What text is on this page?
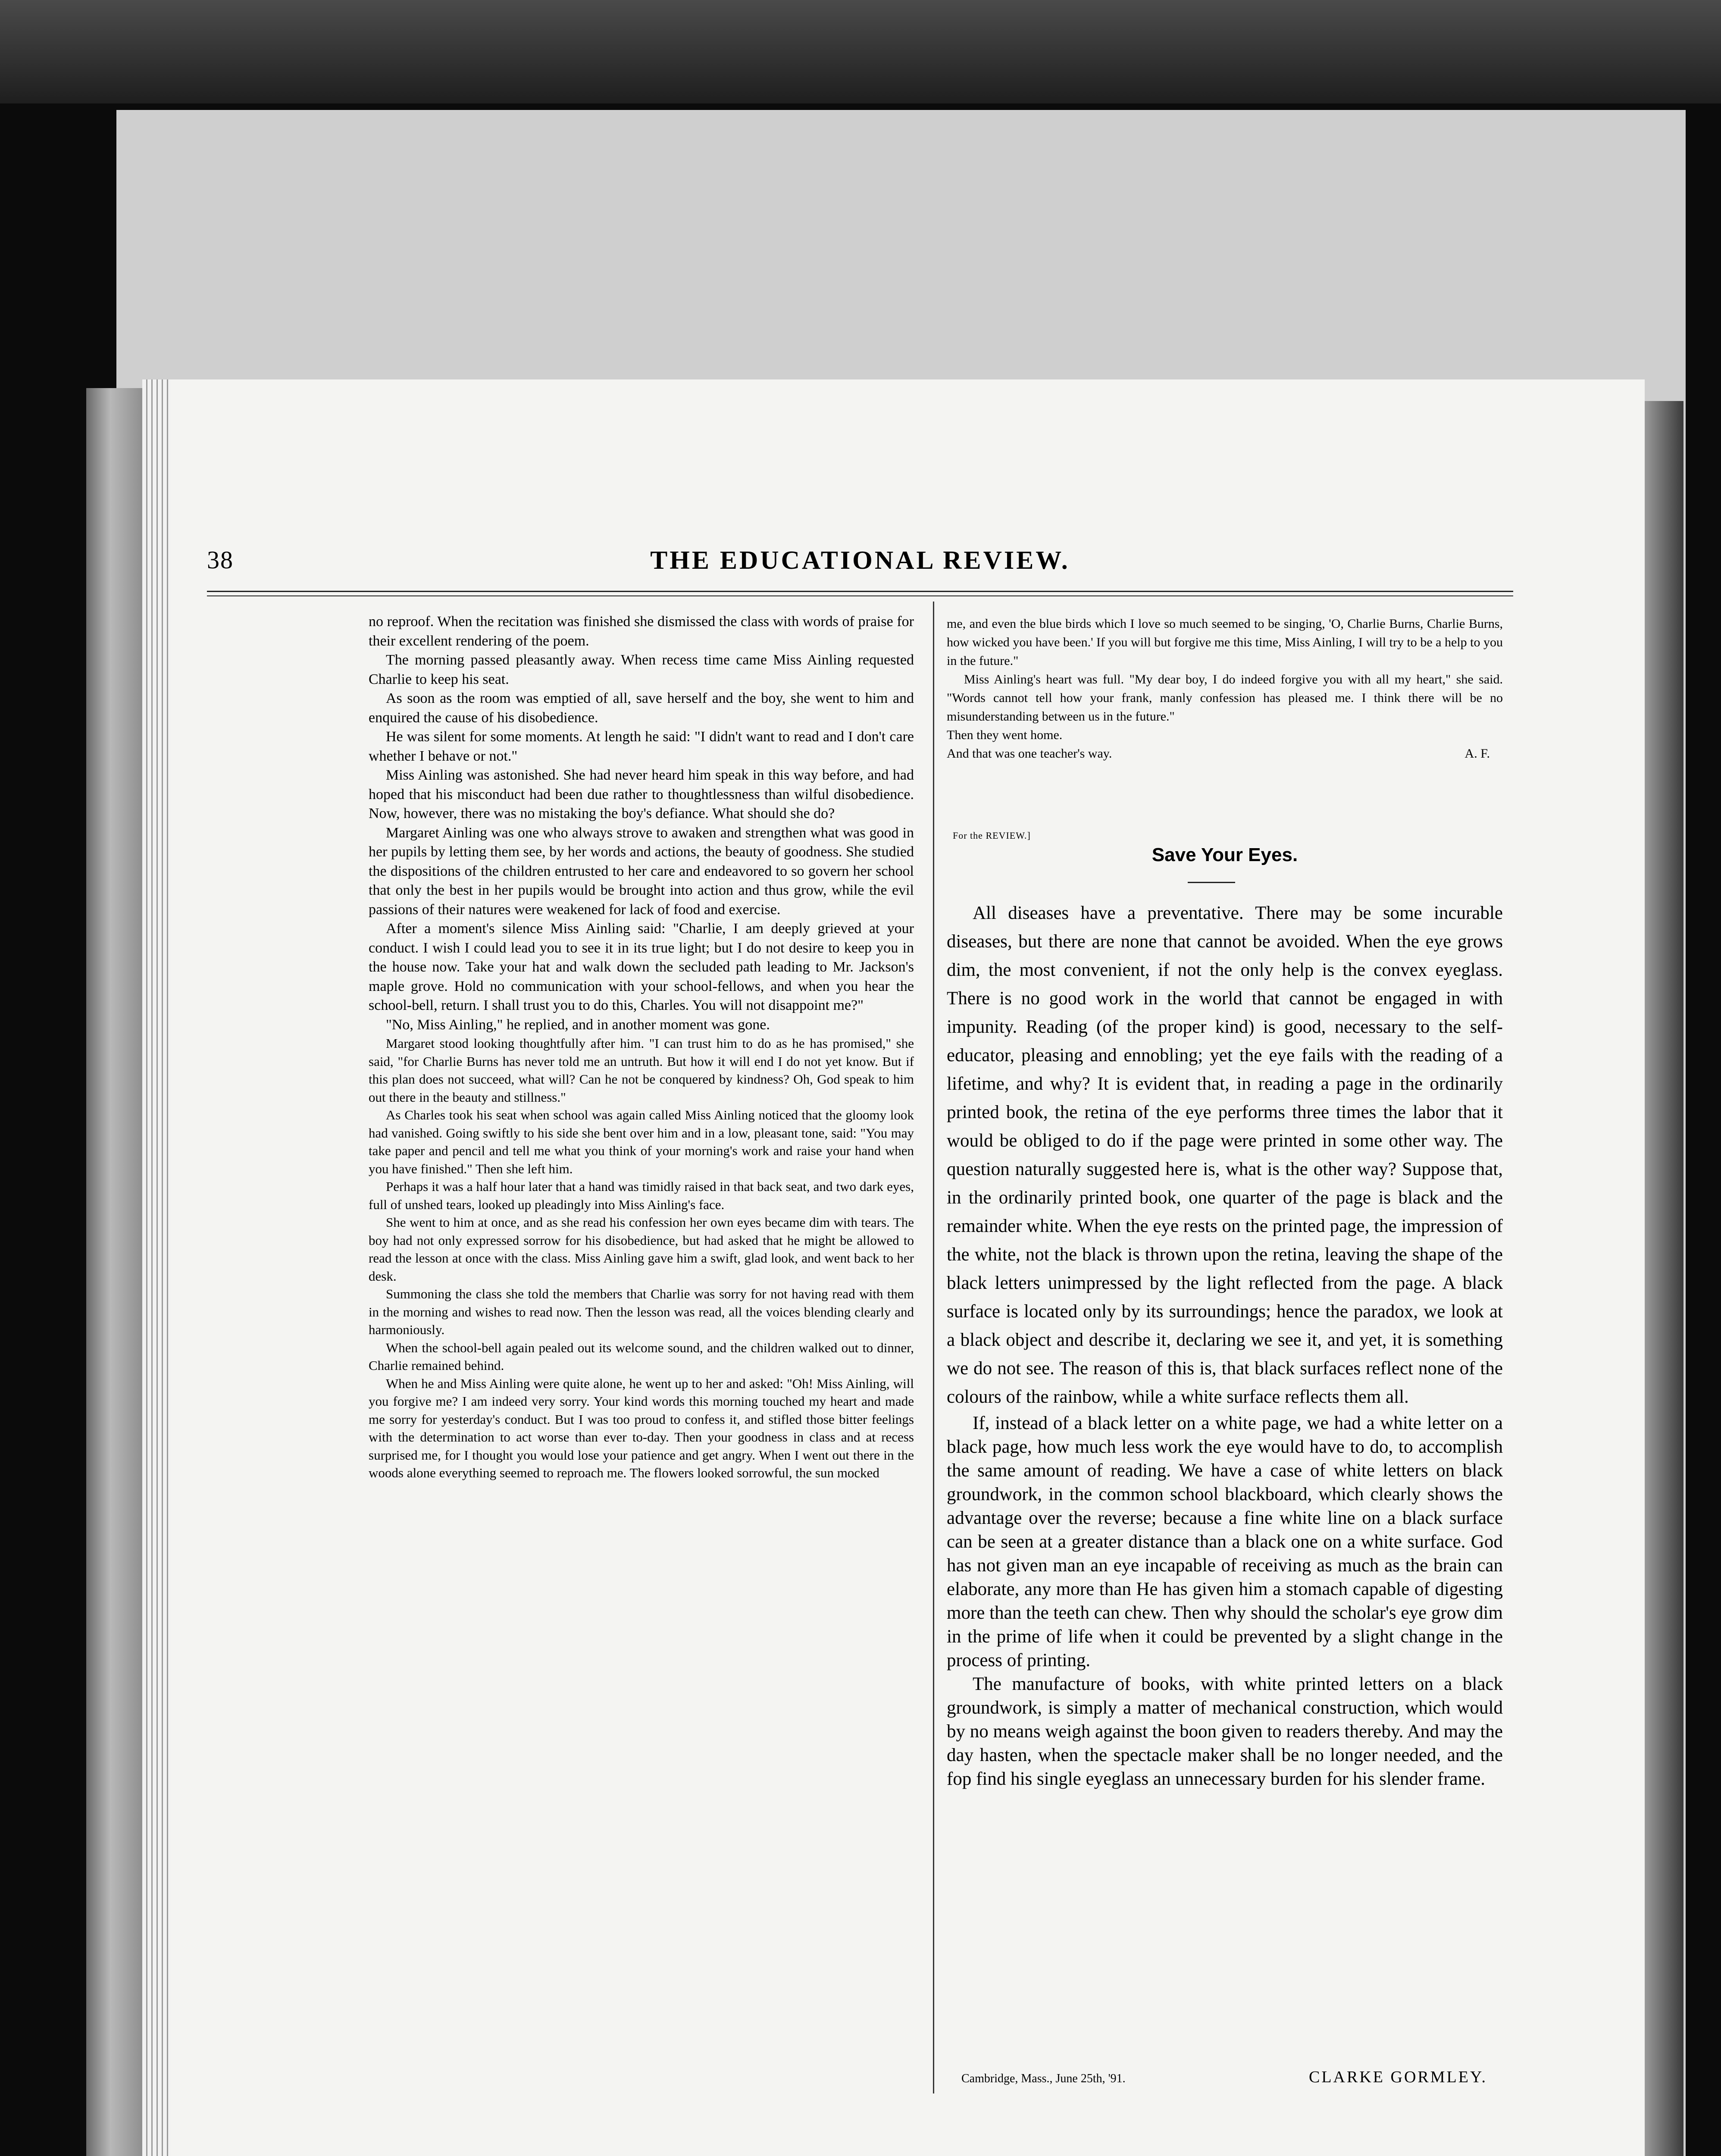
38	THE EDUCATIONAL REVIEW.

no reproof. When the recitation was finished she dismissed the class with words of praise for their excellent rendering of the poem.

The morning passed pleasantly away. When recess time came Miss Ainling requested Charlie to keep his seat.

As soon as the room was emptied of all, save herself and the boy, she went to him and enquired the cause of his disobedience.

He was silent for some moments. At length he said: "I didn't want to read and I don't care whether I behave or not."

Miss Ainling was astonished. She had never heard him speak in this way before, and had hoped that his misconduct had been due rather to thoughtlessness than wilful disobedience. Now, however, there was no mistaking the boy's defiance. What should she do?

Margaret Ainling was one who always strove to awaken and strengthen what was good in her pupils by letting them see, by her words and actions, the beauty of goodness. She studied the dispositions of the children entrusted to her care and endeavored to so govern her school that only the best in her pupils would be brought into action and thus grow, while the evil passions of their natures were weakened for lack of food and exercise.

After a moment's silence Miss Ainling said: "Charlie, I am deeply grieved at your conduct. I wish I could lead you to see it in its true light; but I do not desire to keep you in the house now. Take your hat and walk down the secluded path leading to Mr. Jackson's maple grove. Hold no communication with your school-fellows, and when you hear the school-bell, return. I shall trust you to do this, Charles. You will not disappoint me?"

"No, Miss Ainling," he replied, and in another moment was gone.

Margaret stood looking thoughtfully after him. "I can trust him to do as he has promised," she said, "for Charlie Burns has never told me an untruth. But how it will end I do not yet know. But if this plan does not succeed, what will? Can he not be conquered by kindness? Oh, God speak to him out there in the beauty and stillness."

As Charles took his seat when school was again called Miss Ainling noticed that the gloomy look had vanished. Going swiftly to his side she bent over him and in a low, pleasant tone, said: "You may take paper and pencil and tell me what you think of your morning's work and raise your hand when you have finished." Then she left him.

Perhaps it was a half hour later that a hand was timidly raised in that back seat, and two dark eyes, full of unshed tears, looked up pleadingly into Miss Ainling's face.

She went to him at once, and as she read his confession her own eyes became dim with tears. The boy had not only expressed sorrow for his disobedience, but had asked that he might be allowed to read the lesson at once with the class. Miss Ainling gave him a swift, glad look, and went back to her desk.

Summoning the class she told the members that Charlie was sorry for not having read with them in the morning and wishes to read now. Then the lesson was read, all the voices blending clearly and harmoniously.

When the school-bell again pealed out its welcome sound, and the children walked out to dinner, Charlie remained behind.

When he and Miss Ainling were quite alone, he went up to her and asked: "Oh! Miss Ainling, will you forgive me? I am indeed very sorry. Your kind words this morning touched my heart and made me sorry for yesterday's conduct. But I was too proud to confess it, and stifled those bitter feelings with the determination to act worse than ever to-day. Then your goodness in class and at recess surprised me, for I thought you would lose your patience and get angry. When I went out there in the woods alone everything seemed to reproach me. The flowers looked sorrowful, the sun mocked

me, and even the blue birds which I love so much seemed to be singing, 'O, Charlie Burns, Charlie Burns, how wicked you have been.' If you will but forgive me this time, Miss Ainling, I will try to be a help to you in the future."

Miss Ainling's heart was full. "My dear boy, I do indeed forgive you with all my heart," she said. "Words cannot tell how your frank, manly confession has pleased me. I think there will be no misunderstanding between us in the future."

Then they went home.

And that was one teacher's way.	A. F.
For the REVIEW.]
Save Your Eyes.

All diseases have a preventative. There may be some incurable diseases, but there are none that cannot be avoided. When the eye grows dim, the most convenient, if not the only help is the convex eyeglass. There is no good work in the world that cannot be engaged in with impunity. Reading (of the proper kind) is good, necessary to the self-educator, pleasing and ennobling; yet the eye fails with the reading of a lifetime, and why? It is evident that, in reading a page in the ordinarily printed book, the retina of the eye performs three times the labor that it would be obliged to do if the page were printed in some other way. The question naturally suggested here is, what is the other way? Suppose that, in the ordinarily printed book, one quarter of the page is black and the remainder white. When the eye rests on the printed page, the impression of the white, not the black is thrown upon the retina, leaving the shape of the black letters unimpressed by the light reflected from the page. A black surface is located only by its surroundings; hence the paradox, we look at a black object and describe it, declaring we see it, and yet, it is something we do not see. The reason of this is, that black surfaces reflect none of the colours of the rainbow, while a white surface reflects them all.

If, instead of a black letter on a white page, we had a white letter on a black page, how much less work the eye would have to do, to accomplish the same amount of reading. We have a case of white letters on black groundwork, in the common school blackboard, which clearly shows the advantage over the reverse; because a fine white line on a black surface can be seen at a greater distance than a black one on a white surface. God has not given man an eye incapable of receiving as much as the brain can elaborate, any more than He has given him a stomach capable of digesting more than the teeth can chew. Then why should the scholar's eye grow dim in the prime of life when it could be prevented by a slight change in the process of printing.

The manufacture of books, with white printed letters on a black groundwork, is simply a matter of mechanical construction, which would by no means weigh against the boon given to readers thereby. And may the day hasten, when the spectacle maker shall be no longer needed, and the fop find his single eyeglass an unnecessary burden for his slender frame.

Cambridge, Mass., June 25th, '91.	CLARKE GORMLEY.
